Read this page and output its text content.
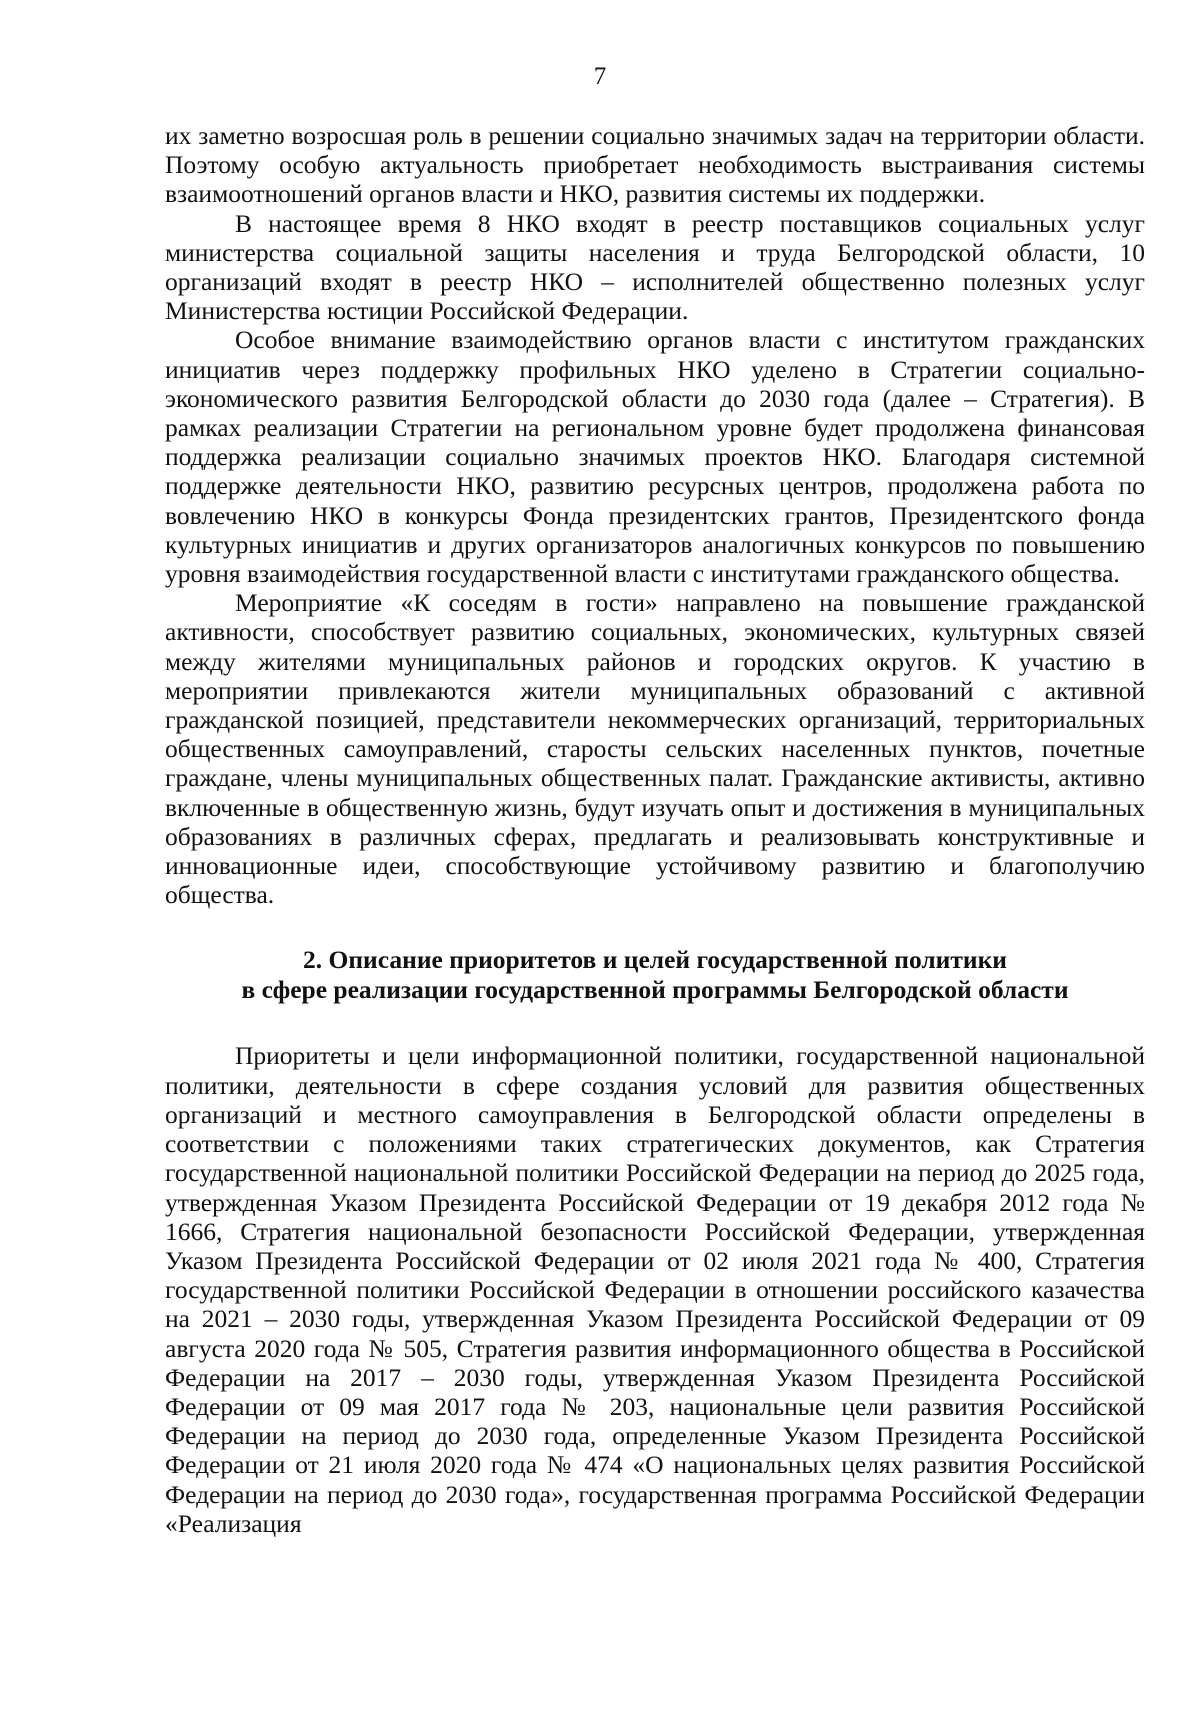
7

их заметно возросшая роль в решении социально значимых задач на территории области. Поэтому особую актуальность приобретает необходимость выстраивания системы взаимоотношений органов власти и НКО, развития системы их поддержки.

В настоящее время 8 НКО входят в реестр поставщиков социальных услуг министерства социальной защиты населения и труда Белгородской области, 10 организаций входят в реестр НКО – исполнителей общественно полезных услуг Министерства юстиции Российской Федерации.

Особое внимание взаимодействию органов власти с институтом гражданских инициатив через поддержку профильных НКО уделено в Стратегии социально-экономического развития Белгородской области до 2030 года (далее – Стратегия). В рамках реализации Стратегии на региональном уровне будет продолжена финансовая поддержка реализации социально значимых проектов НКО. Благодаря системной поддержке деятельности НКО, развитию ресурсных центров, продолжена работа по вовлечению НКО в конкурсы Фонда президентских грантов, Президентского фонда культурных инициатив и других организаторов аналогичных конкурсов по повышению уровня взаимодействия государственной власти с институтами гражданского общества.

Мероприятие «К соседям в гости» направлено на повышение гражданской активности, способствует развитию социальных, экономических, культурных связей между жителями муниципальных районов и городских округов. К участию в мероприятии привлекаются жители муниципальных образований с активной гражданской позицией, представители некоммерческих организаций, территориальных общественных самоуправлений, старосты сельских населенных пунктов, почетные граждане, члены муниципальных общественных палат. Гражданские активисты, активно включенные в общественную жизнь, будут изучать опыт и достижения в муниципальных образованиях в различных сферах, предлагать и реализовывать конструктивные и инновационные идеи, способствующие устойчивому развитию и благополучию общества.

2. Описание приоритетов и целей государственной политики
в сфере реализации государственной программы Белгородской области

Приоритеты и цели информационной политики, государственной национальной политики, деятельности в сфере создания условий для развития общественных организаций и местного самоуправления в Белгородской области определены в соответствии с положениями таких стратегических документов, как Стратегия государственной национальной политики Российской Федерации на период до 2025 года, утвержденная Указом Президента Российской Федерации от 19 декабря 2012 года № 1666, Стратегия национальной безопасности Российской Федерации, утвержденная Указом Президента Российской Федерации от 02 июля 2021 года № 400, Стратегия государственной политики Российской Федерации в отношении российского казачества на 2021 – 2030 годы, утвержденная Указом Президента Российской Федерации от 09 августа 2020 года № 505, Стратегия развития информационного общества в Российской Федерации на 2017 – 2030 годы, утвержденная Указом Президента Российской Федерации от 09 мая 2017 года № 203, национальные цели развития Российской Федерации на период до 2030 года, определенные Указом Президента Российской Федерации от 21 июля 2020 года № 474 «О национальных целях развития Российской Федерации на период до 2030 года», государственная программа Российской Федерации «Реализация
